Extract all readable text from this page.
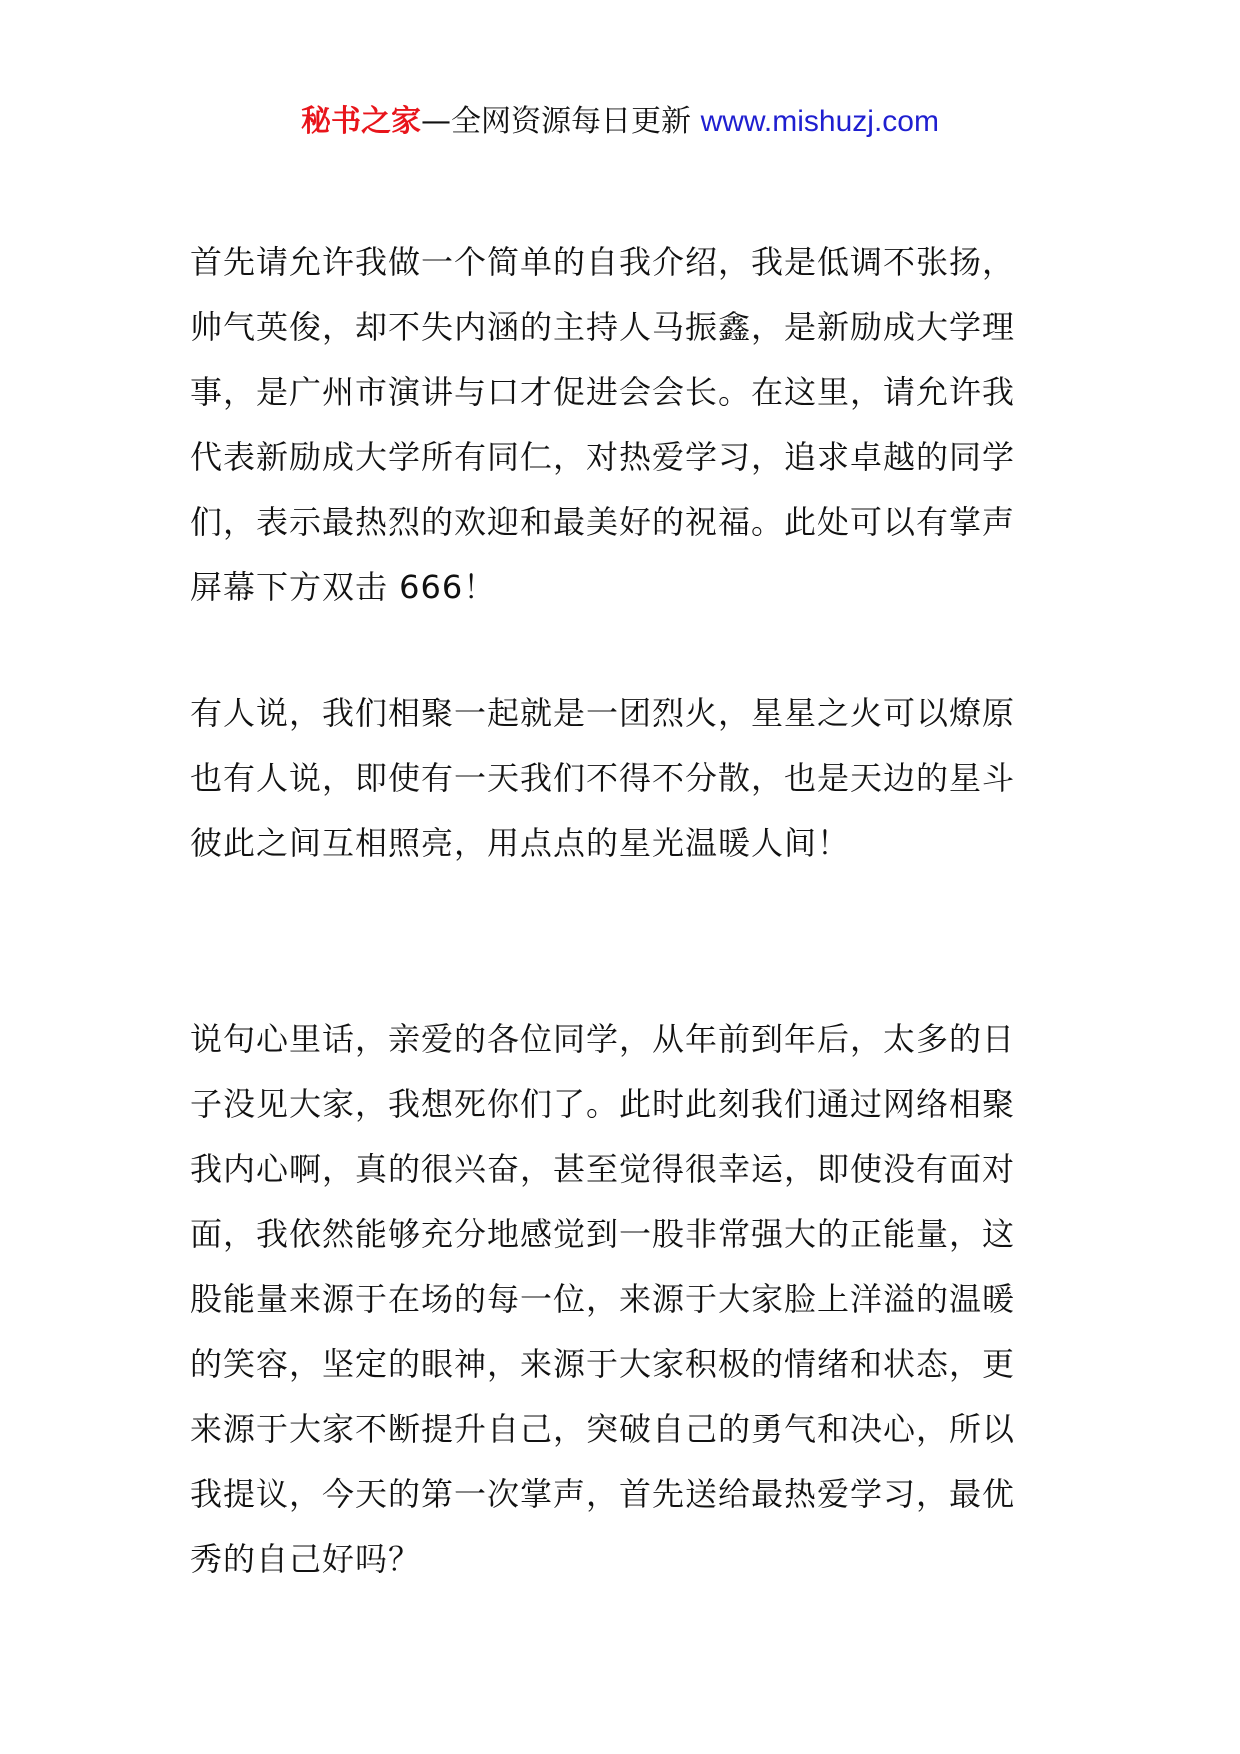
秘书之家—全网资源每日更新 www.mishuzj.com

首先请允许我做一个简单的自我介绍，我是低调不张扬，

帅气英俊，却不失内涵的主持人马振鑫，是新励成大学理

事，是广州市演讲与口才促进会会长。在这里，请允许我

代表新励成大学所有同仁，对热爱学习，追求卓越的同学

们，表示最热烈的欢迎和最美好的祝福。此处可以有掌声

屏幕下方双击 666！

有人说，我们相聚一起就是一团烈火，星星之火可以燎原

也有人说，即使有一天我们不得不分散，也是天边的星斗

彼此之间互相照亮，用点点的星光温暖人间！

说句心里话，亲爱的各位同学，从年前到年后，太多的日

子没见大家，我想死你们了。此时此刻我们通过网络相聚

我内心啊，真的很兴奋，甚至觉得很幸运，即使没有面对

面，我依然能够充分地感觉到一股非常强大的正能量，这

股能量来源于在场的每一位，来源于大家脸上洋溢的温暖

的笑容，坚定的眼神，来源于大家积极的情绪和状态，更

来源于大家不断提升自己，突破自己的勇气和决心，所以

我提议，今天的第一次掌声，首先送给最热爱学习，最优

秀的自己好吗？
